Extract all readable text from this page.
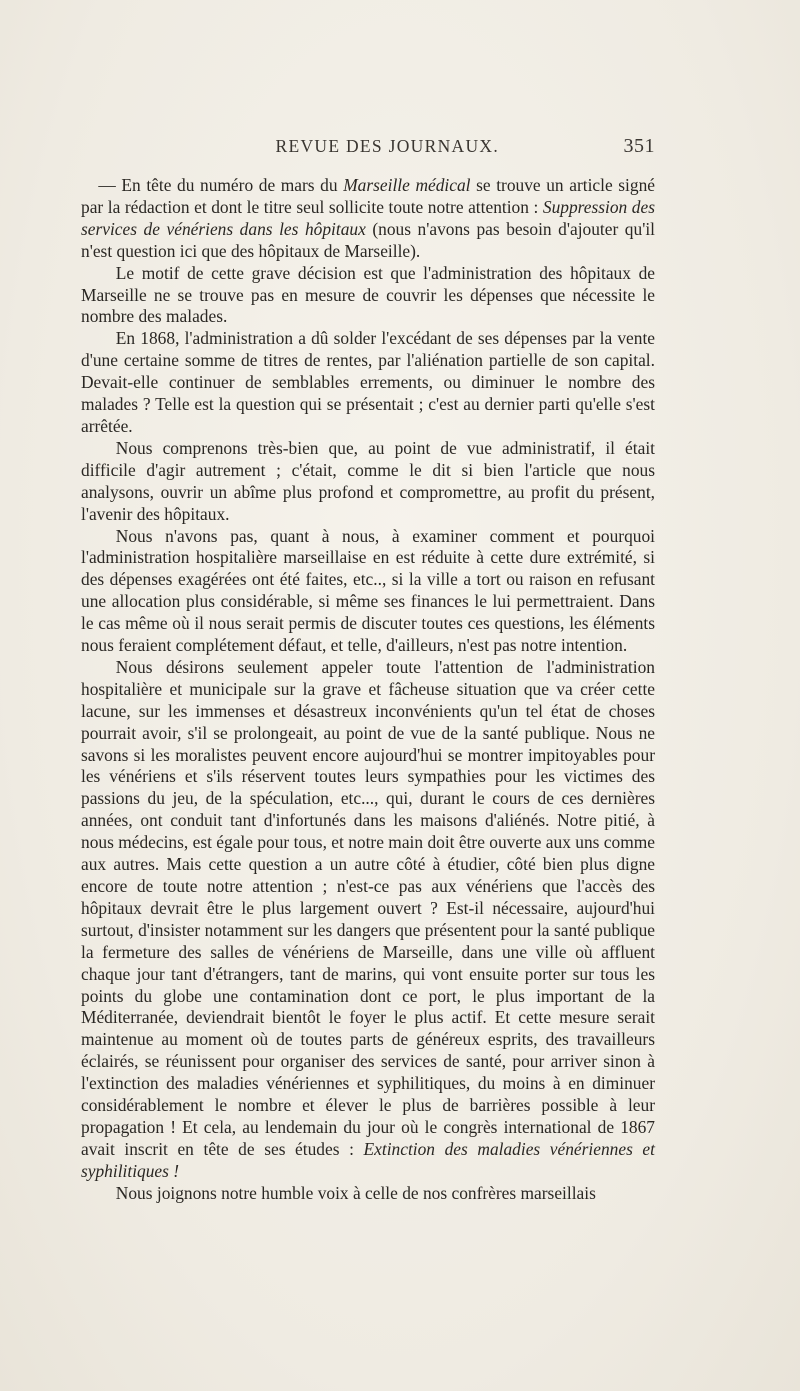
REVUE DES JOURNAUX.	351

— En tête du numéro de mars du Marseille médical se trouve un article signé par la rédaction et dont le titre seul sollicite toute notre attention : Suppression des services de vénériens dans les hôpitaux (nous n'avons pas besoin d'ajouter qu'il n'est question ici que des hôpitaux de Marseille).

Le motif de cette grave décision est que l'administration des hôpitaux de Marseille ne se trouve pas en mesure de couvrir les dépenses que nécessite le nombre des malades.

En 1868, l'administration a dû solder l'excédant de ses dépenses par la vente d'une certaine somme de titres de rentes, par l'aliénation partielle de son capital. Devait-elle continuer de semblables errements, ou diminuer le nombre des malades ? Telle est la question qui se présentait ; c'est au dernier parti qu'elle s'est arrêtée.

Nous comprenons très-bien que, au point de vue administratif, il était difficile d'agir autrement ; c'était, comme le dit si bien l'article que nous analysons, ouvrir un abîme plus profond et compromettre, au profit du présent, l'avenir des hôpitaux.

Nous n'avons pas, quant à nous, à examiner comment et pourquoi l'administration hospitalière marseillaise en est réduite à cette dure extrémité, si des dépenses exagérées ont été faites, etc.., si la ville a tort ou raison en refusant une allocation plus considérable, si même ses finances le lui permettraient. Dans le cas même où il nous serait permis de discuter toutes ces questions, les éléments nous feraient complétement défaut, et telle, d'ailleurs, n'est pas notre intention.

Nous désirons seulement appeler toute l'attention de l'administration hospitalière et municipale sur la grave et fâcheuse situation que va créer cette lacune, sur les immenses et désastreux inconvénients qu'un tel état de choses pourrait avoir, s'il se prolongeait, au point de vue de la santé publique. Nous ne savons si les moralistes peuvent encore aujourd'hui se montrer impitoyables pour les vénériens et s'ils réservent toutes leurs sympathies pour les victimes des passions du jeu, de la spéculation, etc..., qui, durant le cours de ces dernières années, ont conduit tant d'infortunés dans les maisons d'aliénés. Notre pitié, à nous médecins, est égale pour tous, et notre main doit être ouverte aux uns comme aux autres. Mais cette question a un autre côté à étudier, côté bien plus digne encore de toute notre attention ; n'est-ce pas aux vénériens que l'accès des hôpitaux devrait être le plus largement ouvert ? Est-il nécessaire, aujourd'hui surtout, d'insister notamment sur les dangers que présentent pour la santé publique la fermeture des salles de vénériens de Marseille, dans une ville où affluent chaque jour tant d'étrangers, tant de marins, qui vont ensuite porter sur tous les points du globe une contamination dont ce port, le plus important de la Méditerranée, deviendrait bientôt le foyer le plus actif. Et cette mesure serait maintenue au moment où de toutes parts de généreux esprits, des travailleurs éclairés, se réunissent pour organiser des services de santé, pour arriver sinon à l'extinction des maladies vénériennes et syphilitiques, du moins à en diminuer considérablement le nombre et élever le plus de barrières possible à leur propagation ! Et cela, au lendemain du jour où le congrès international de 1867 avait inscrit en tête de ses études : Extinction des maladies vénériennes et syphilitiques !

Nous joignons notre humble voix à celle de nos confrères marseillais
